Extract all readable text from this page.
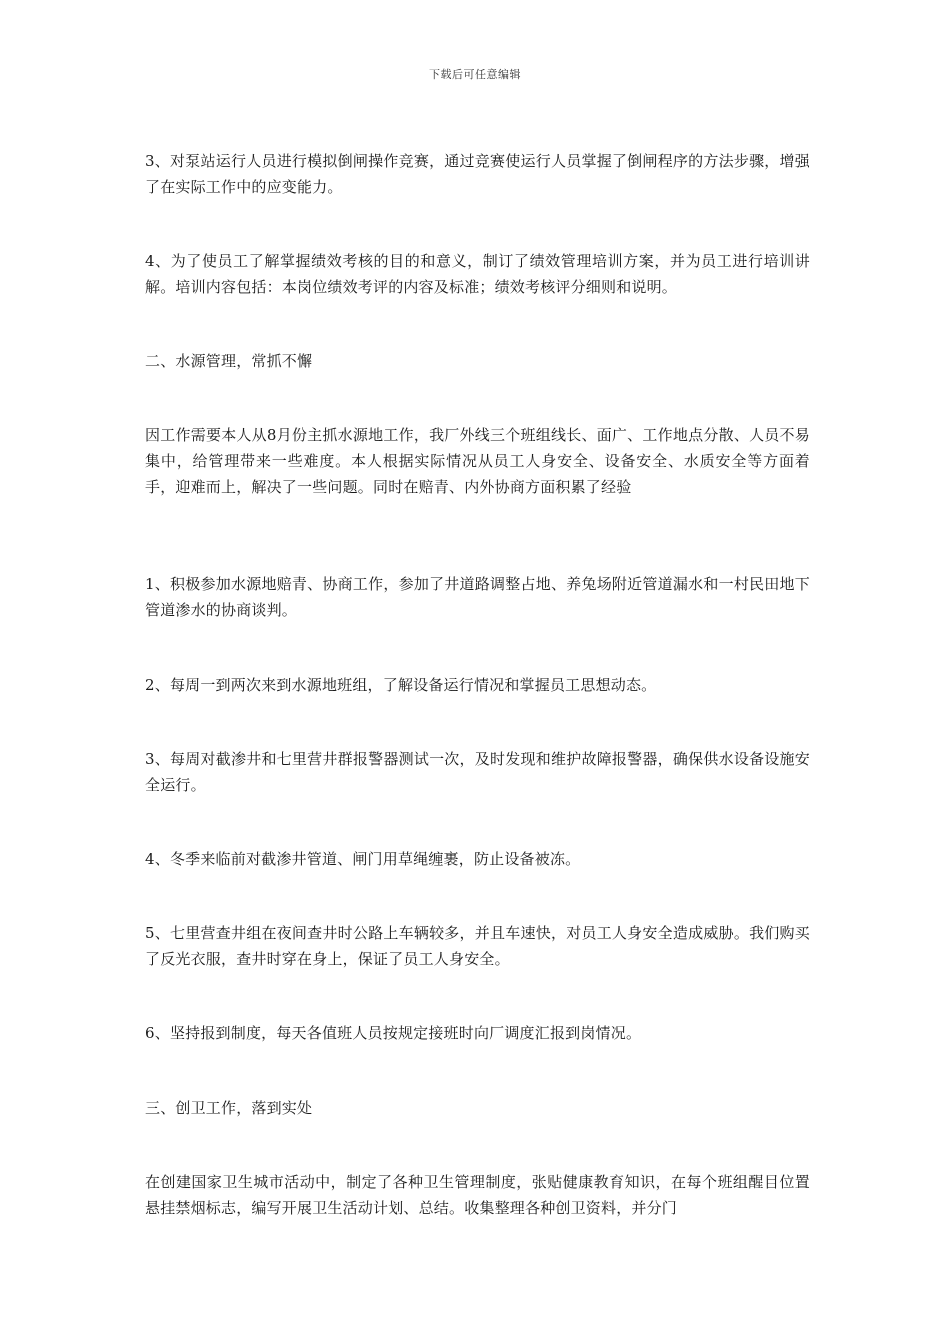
下载后可任意编辑

3、对泵站运行人员进行模拟倒闸操作竞赛，通过竞赛使运行人员掌握了倒闸程序的方法步骤，增强了在实际工作中的应变能力。

4、为了使员工了解掌握绩效考核的目的和意义，制订了绩效管理培训方案，并为员工进行培训讲解。培训内容包括：本岗位绩效考评的内容及标准；绩效考核评分细则和说明。

二、水源管理，常抓不懈

因工作需要本人从8月份主抓水源地工作，我厂外线三个班组线长、面广、工作地点分散、人员不易集中，给管理带来一些难度。本人根据实际情况从员工人身安全、设备安全、水质安全等方面着手，迎难而上，解决了一些问题。同时在赔青、内外协商方面积累了经验

1、积极参加水源地赔青、协商工作，参加了井道路调整占地、养兔场附近管道漏水和一村民田地下管道渗水的协商谈判。

2、每周一到两次来到水源地班组，了解设备运行情况和掌握员工思想动态。

3、每周对截渗井和七里营井群报警器测试一次，及时发现和维护故障报警器，确保供水设备设施安全运行。

4、冬季来临前对截渗井管道、闸门用草绳缠裹，防止设备被冻。

5、七里营查井组在夜间查井时公路上车辆较多，并且车速快，对员工人身安全造成威胁。我们购买了反光衣服，查井时穿在身上，保证了员工人身安全。

6、坚持报到制度，每天各值班人员按规定接班时向厂调度汇报到岗情况。

三、创卫工作，落到实处

在创建国家卫生城市活动中，制定了各种卫生管理制度，张贴健康教育知识，在每个班组醒目位置悬挂禁烟标志，编写开展卫生活动计划、总结。收集整理各种创卫资料，并分门
